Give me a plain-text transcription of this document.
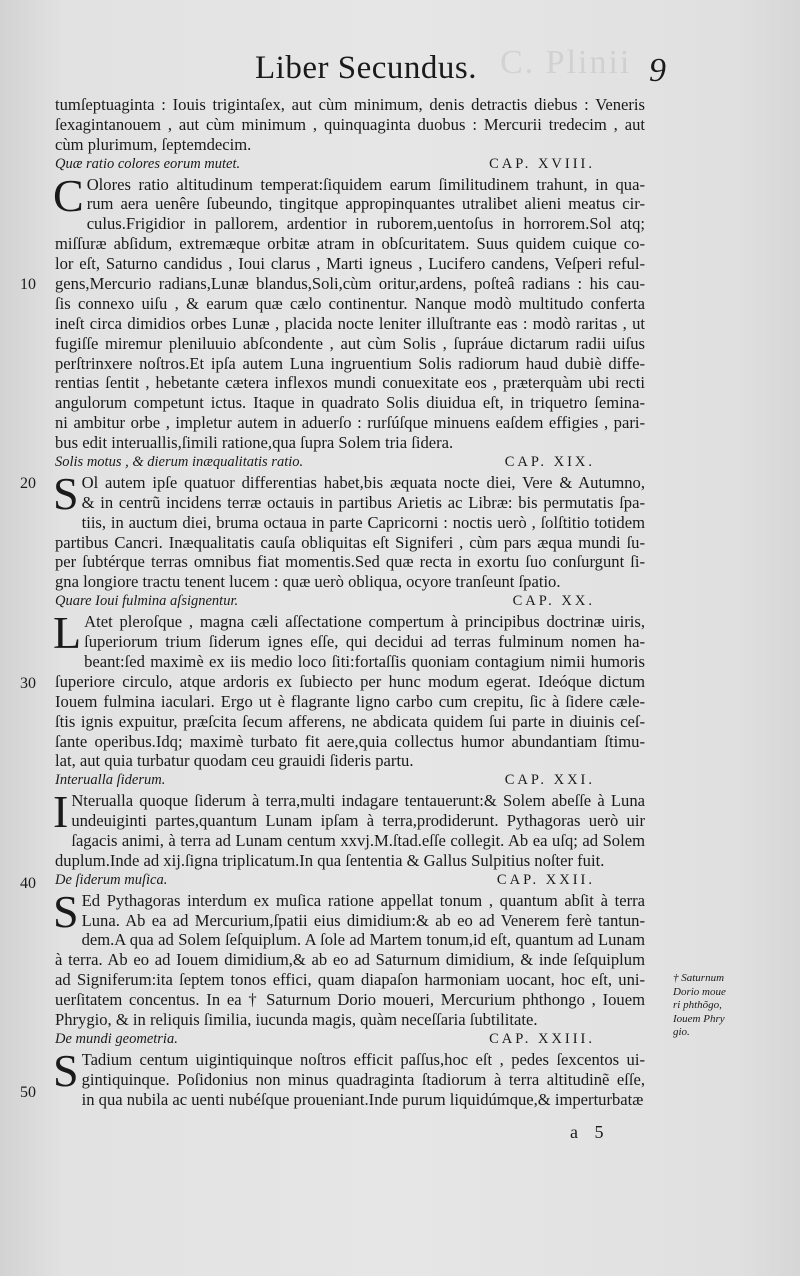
C. Plinii
Liber Secundus.	9
tumſeptuaginta : Iouis trigintaſex, aut cùm minimum, denis detractis diebus : Veneris
ſexagintanouem , aut cùm minimum , quinquaginta duobus : Mercurii tredecim , aut
cùm plurimum, ſeptemdecim.
Quæ ratio colores eorum mutet.	CAP. XVIII.
C Olores ratio altitudinum temperat:ſiquidem earum ſimilitudinem trahunt, in qua-
rum aera uenêre ſubeundo, tingitque appropinquantes utralibet alieni meatus cir-
culus.Frigidior in pallorem, ardentior in ruborem,uentoſus in horrorem.Sol atq;
miſſuræ abſidum, extremæque orbitæ atram in obſcuritatem. Suus quidem cuique co-
lor eſt, Saturno candidus , Ioui clarus , Marti igneus , Lucifero candens, Veſperi reful-
gens,Mercurio radians,Lunæ blandus,Soli,cùm oritur,ardens, poſteâ radians : his cau-
ſis connexo uiſu , & earum quæ cælo continentur. Nanque modò multitudo conferta
ineſt circa dimidios orbes Lunæ , placida nocte leniter illuſtrante eas : modò raritas , ut
fugiſſe miremur pleniluuio abſcondente , aut cùm Solis , ſupráue dictarum radii uiſus
perſtrinxere noſtros.Et ipſa autem Luna ingruentium Solis radiorum haud dubiè diffe-
rentias ſentit , hebetante cætera inflexos mundi conuexitate eos , præterquàm ubi recti
angulorum competunt ictus. Itaque in quadrato Solis diuidua eſt, in triquetro ſemina-
ni ambitur orbe , impletur autem in aduerſo : rurſúſque minuens eaſdem effigies , pari-
bus edit interuallis,ſimili ratione,qua ſupra Solem tria ſidera.
Solis motus , & dierum inæqualitatis ratio.	CAP. XIX.
S Ol autem ipſe quatuor differentias habet,bis æquata nocte diei, Vere & Autumno,
& in centrũ incidens terræ octauis in partibus Arietis ac Libræ: bis permutatis ſpa-
tiis, in auctum diei, bruma octaua in parte Capricorni : noctis uerò , ſolſtitio totidem
partibus Cancri. Inæqualitatis cauſa obliquitas eſt Signiferi , cùm pars æqua mundi ſu-
per ſubtérque terras omnibus fiat momentis.Sed quæ recta in exortu ſuo conſurgunt ſi-
gna longiore tractu tenent lucem : quæ uerò obliqua, ocyore tranſeunt ſpatio.
Quare Ioui fulmina aſsignentur.	CAP. XX.
L Atet pleroſque , magna cæli aſſectatione compertum à principibus doctrinæ uiris,
ſuperiorum trium ſiderum ignes eſſe, qui decidui ad terras fulminum nomen ha-
beant:ſed maximè ex iis medio loco ſiti:fortaſſis quoniam contagium nimii humoris
ſuperiore circulo, atque ardoris ex ſubiecto per hunc modum egerat. Ideóque dictum
Iouem fulmina iaculari. Ergo ut è flagrante ligno carbo cum crepitu, ſic à ſidere cæle-
ſtis ignis expuitur, præſcita ſecum afferens, ne abdicata quidem ſui parte in diuinis ceſ-
ſante operibus.Idq; maximè turbato fit aere,quia collectus humor abundantiam ſtimu-
lat, aut quia turbatur quodam ceu grauidi ſideris partu.
Interualla ſiderum.	CAP. XXI.
I Nterualla quoque ſiderum à terra,multi indagare tentauerunt:& Solem abeſſe à Luna
undeuiginti partes,quantum Lunam ipſam à terra,prodiderunt. Pythagoras uerò uir
ſagacis animi, à terra ad Lunam centum xxvj.M.ſtad.eſſe collegit. Ab ea uſq; ad Solem
duplum.Inde ad xij.ſigna triplicatum.In qua ſententia & Gallus Sulpitius noſter fuit.
De ſiderum muſica.	CAP. XXII.
S Ed Pythagoras interdum ex muſica ratione appellat tonum , quantum abſit à terra
Luna. Ab ea ad Mercurium,ſpatii eius dimidium:& ab eo ad Venerem ferè tantun-
dem.A qua ad Solem ſeſquiplum. A ſole ad Martem tonum,id eſt, quantum ad Lunam
à terra. Ab eo ad Iouem dimidium,& ab eo ad Saturnum dimidium, & inde ſeſquiplum
ad Signiferum:ita ſeptem tonos effici, quam diapaſon harmoniam uocant, hoc eſt, uni-
uerſitatem concentus. In ea † Saturnum Dorio moueri, Mercurium phthongo , Iouem
Phrygio, & in reliquis ſimilia, iucunda magis, quàm neceſſaria ſubtilitate.
De mundi geometria.	CAP. XXIII.
S Tadium centum uigintiquinque noſtros efficit paſſus,hoc eſt , pedes ſexcentos ui-
gintiquinque. Poſidonius non minus quadraginta ſtadiorum à terra altitudinẽ eſſe,
in qua nubila ac uenti nubéſque proueniant.Inde purum liquidúmque,& imperturbatæ
10
20
30
40
50
† Saturnum
Dorio moue
ri phthõgo,
Iouem Phry
gio.
a 5
